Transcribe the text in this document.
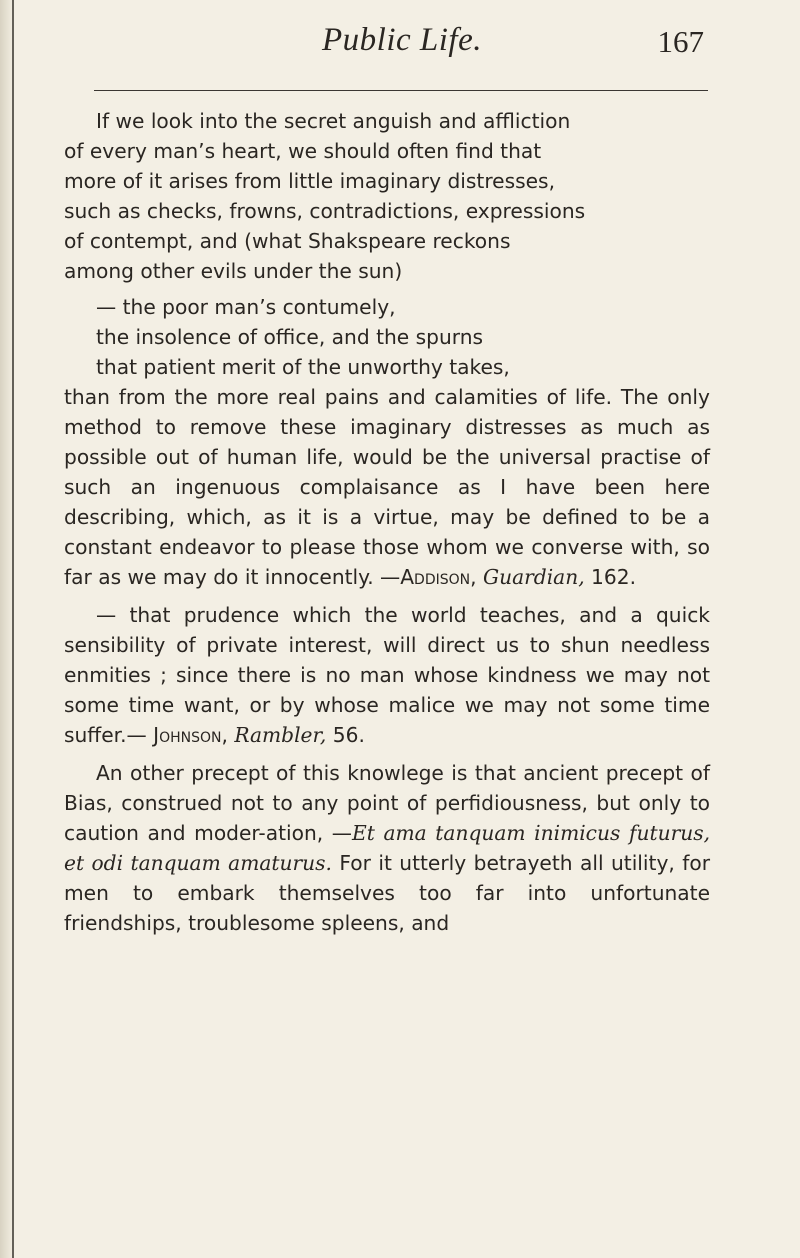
Public Life.	167
If we look into the secret anguish and affliction
of every man’s heart, we should often find that
more of it arises from little imaginary distresses,
such as checks, frowns, contradictions, expressions
of contempt, and (what Shakspeare reckons
among other evils under the sun)
— the poor man’s contumely,
the insolence of office, and the spurns
that patient merit of the unworthy takes,

than from the more real pains and calamities of life. The only method to remove these imaginary distresses as much as possible out of human life, would be the universal practise of such an ingenuous complaisance as I have been here describing, which, as it is a virtue, may be defined to be a constant endeavor to please those whom we converse with, so far as we may do it innocently. —Addison, Guardian, 162.

— that prudence which the world teaches, and a quick sensibility of private interest, will direct us to shun needless enmities ; since there is no man whose kindness we may not some time want, or by whose malice we may not some time suffer.— Johnson, Rambler, 56.

An other precept of this knowlege is that ancient precept of Bias, construed not to any point of perfidiousness, but only to caution and moder-ation, —Et ama tanquam inimicus futurus, et odi tanquam amaturus. For it utterly betrayeth all utility, for men to embark themselves too far into unfortunate friendships, troublesome spleens, and
